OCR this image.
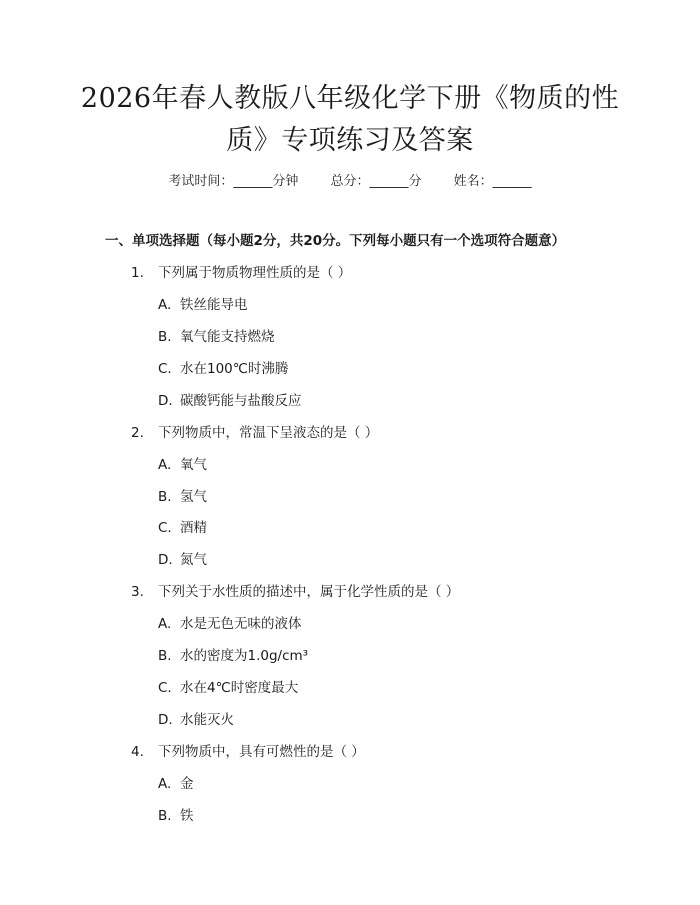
2026年春人教版八年级化学下册《物质的性
质》专项练习及答案
考试时间：______分钟 总分：______分 姓名：______
一、单项选择题（每小题2分，共20分。下列每小题只有一个选项符合题意）
1. 下列属于物质物理性质的是（ ）
A. 铁丝能导电
B. 氧气能支持燃烧
C. 水在100℃时沸腾
D. 碳酸钙能与盐酸反应
2. 下列物质中，常温下呈液态的是（ ）
A. 氧气
B. 氢气
C. 酒精
D. 氮气
3. 下列关于水性质的描述中，属于化学性质的是（ ）
A. 水是无色无味的液体
B. 水的密度为1.0g/cm³
C. 水在4℃时密度最大
D. 水能灭火
4. 下列物质中，具有可燃性的是（ ）
A. 金
B. 铁
